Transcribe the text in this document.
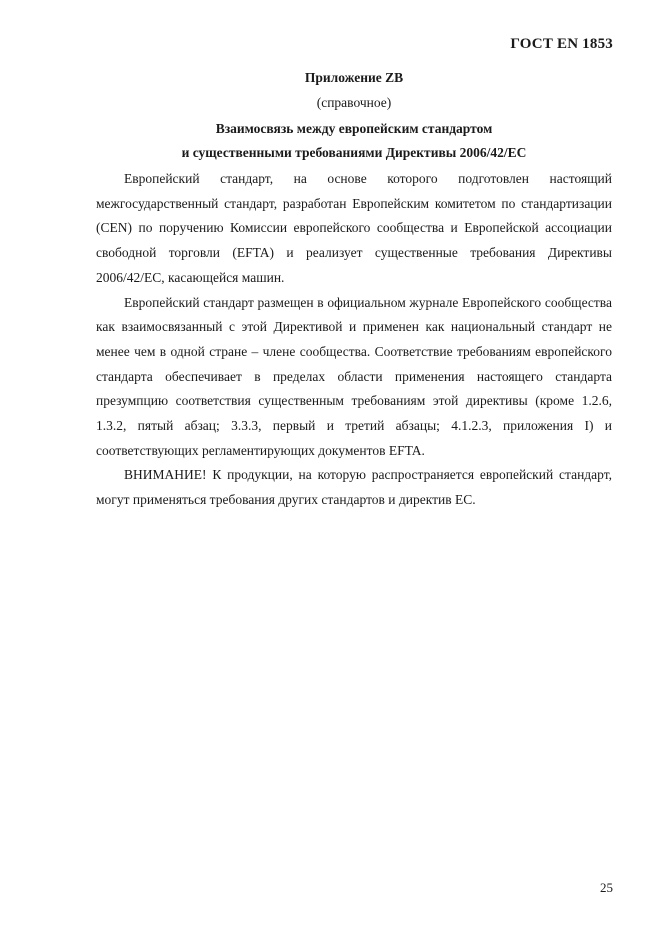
ГОСТ EN 1853
Приложение ZB
(справочное)
Взаимосвязь между европейским стандартом
и существенными требованиями Директивы 2006/42/EC

Европейский стандарт, на основе которого подготовлен настоящий межгосударственный стандарт, разработан Европейским комитетом по стандартизации (CEN) по поручению Комиссии европейского сообщества и Европейской ассоциации свободной торговли (EFTA) и реализует существенные требования Директивы 2006/42/EC, касающейся машин.

Европейский стандарт размещен в официальном журнале Европейского сообщества как взаимосвязанный с этой Директивой и применен как национальный стандарт не менее чем в одной стране – члене сообщества. Соответствие требованиям европейского стандарта обеспечивает в пределах области применения настоящего стандарта презумпцию соответствия существенным требованиям этой директивы (кроме 1.2.6, 1.3.2, пятый абзац; 3.3.3, первый и третий абзацы; 4.1.2.3, приложения I) и соответствующих регламентирующих документов EFTA.

ВНИМАНИЕ! К продукции, на которую распространяется европейский стандарт, могут применяться требования других стандартов и директив ЕС.

25
